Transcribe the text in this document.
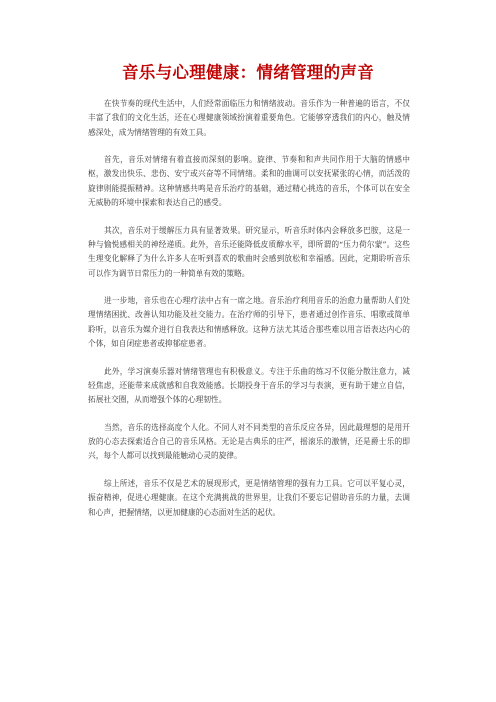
音乐与心理健康：情绪管理的声音

在快节奏的现代生活中，人们经常面临压力和情绪波动。音乐作为一种普遍的语言，不仅丰富了我们的文化生活，还在心理健康领域扮演着重要角色。它能够穿透我们的内心，触及情感深处，成为情绪管理的有效工具。

首先，音乐对情绪有着直接而深刻的影响。旋律、节奏和和声共同作用于大脑的情感中枢，激发出快乐、悲伤、安宁或兴奋等不同情绪。柔和的曲调可以安抚紧张的心情，而活泼的旋律则能提振精神。这种情感共鸣是音乐治疗的基础，通过精心挑选的音乐，个体可以在安全无威胁的环境中探索和表达自己的感受。

其次，音乐对于缓解压力具有显著效果。研究显示，听音乐时体内会释放多巴胺，这是一种与愉悦感相关的神经递质。此外，音乐还能降低皮质醇水平，即所谓的“压力荷尔蒙”。这些生理变化解释了为什么许多人在听到喜欢的歌曲时会感到放松和幸福感。因此，定期聆听音乐可以作为调节日常压力的一种简单有效的策略。

进一步地，音乐也在心理疗法中占有一席之地。音乐治疗利用音乐的治愈力量帮助人们处理情绪困扰、改善认知功能及社交能力。在治疗师的引导下，患者通过创作音乐、唱歌或简单聆听，以音乐为媒介进行自我表达和情感释放。这种方法尤其适合那些难以用言语表达内心的个体，如自闭症患者或抑郁症患者。

此外，学习演奏乐器对情绪管理也有积极意义。专注于乐曲的练习不仅能分散注意力，减轻焦虑，还能带来成就感和自我效能感。长期投身于音乐的学习与表演，更有助于建立自信，拓展社交圈，从而增强个体的心理韧性。

当然，音乐的选择高度个人化。不同人对不同类型的音乐反应各异，因此最理想的是用开放的心态去探索适合自己的音乐风格。无论是古典乐的庄严，摇滚乐的激情，还是爵士乐的即兴，每个人都可以找到最能触动心灵的旋律。

综上所述，音乐不仅是艺术的展现形式，更是情绪管理的强有力工具。它可以平复心灵，振奋精神，促进心理健康。在这个充满挑战的世界里，让我们不要忘记借助音乐的力量，去调和心声，把握情绪，以更加健康的心态面对生活的起伏。
